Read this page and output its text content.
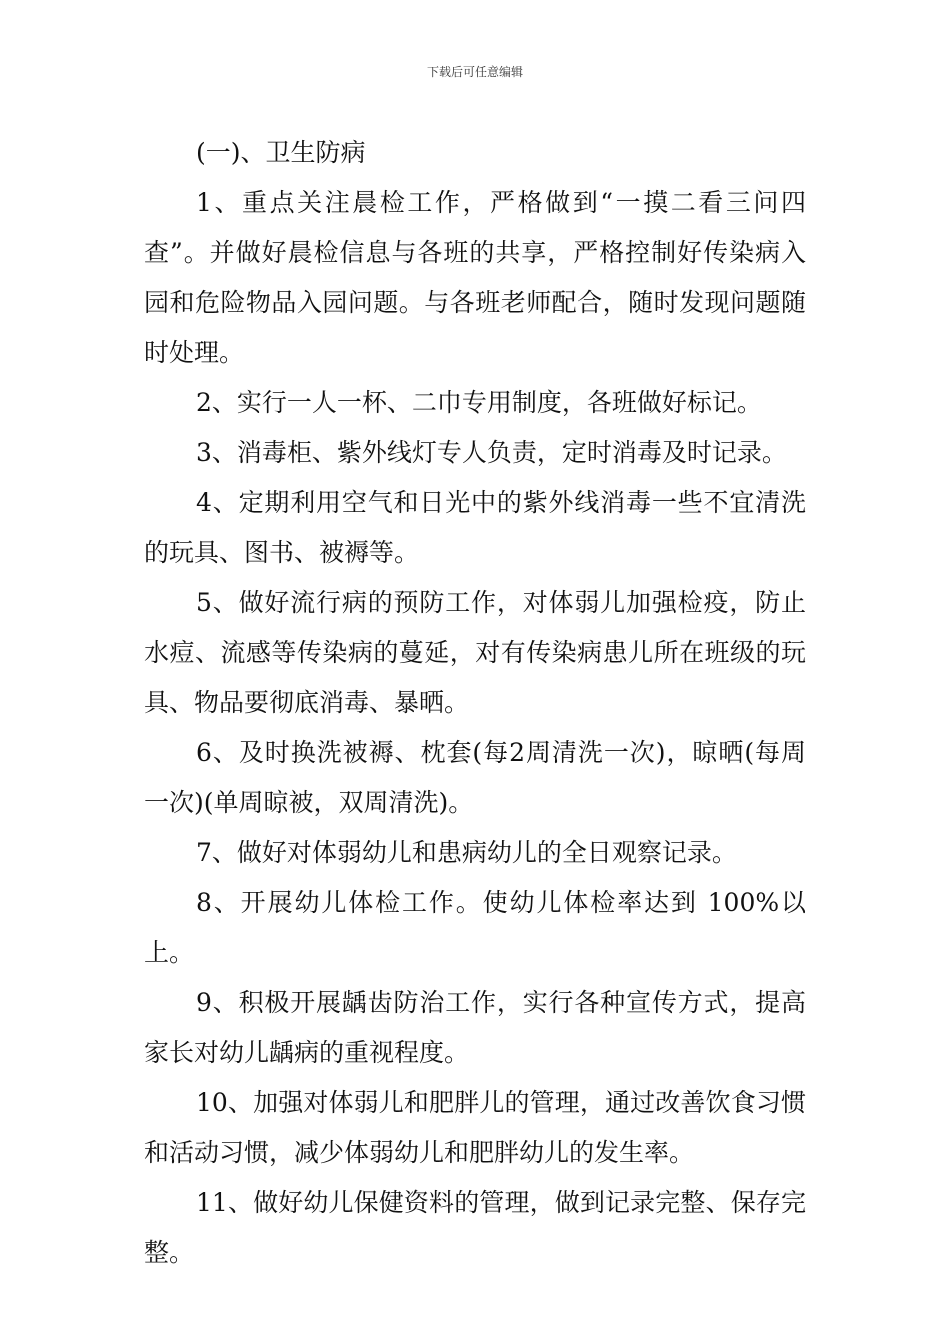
下载后可任意编辑

(一)、卫生防病

1、重点关注晨检工作，严格做到“一摸二看三问四查”。并做好晨检信息与各班的共享，严格控制好传染病入园和危险物品入园问题。与各班老师配合，随时发现问题随时处理。

2、实行一人一杯、二巾专用制度，各班做好标记。

3、消毒柜、紫外线灯专人负责，定时消毒及时记录。

4、定期利用空气和日光中的紫外线消毒一些不宜清洗的玩具、图书、被褥等。

5、做好流行病的预防工作，对体弱儿加强检疫，防止水痘、流感等传染病的蔓延，对有传染病患儿所在班级的玩具、物品要彻底消毒、暴晒。

6、及时换洗被褥、枕套(每2周清洗一次)，晾晒(每周一次)(单周晾被，双周清洗)。

7、做好对体弱幼儿和患病幼儿的全日观察记录。

8、开展幼儿体检工作。使幼儿体检率达到 100%以上。

9、积极开展龋齿防治工作，实行各种宣传方式，提高家长对幼儿龋病的重视程度。

10、加强对体弱儿和肥胖儿的管理，通过改善饮食习惯和活动习惯，减少体弱幼儿和肥胖幼儿的发生率。

11、做好幼儿保健资料的管理，做到记录完整、保存完整。
